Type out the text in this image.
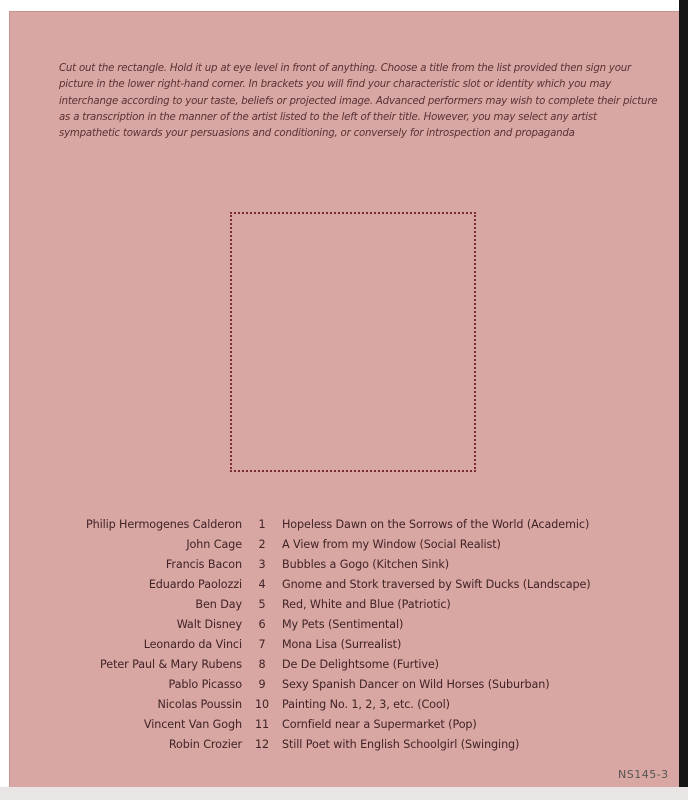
Cut out the rectangle. Hold it up at eye level in front of anything. Choose a title from the list provided then sign your picture in the lower right-hand corner. In brackets you will find your characteristic slot or identity which you may interchange according to your taste, beliefs or projected image. Advanced performers may wish to complete their picture as a transcription in the manner of the artist listed to the left of their title. However, you may select any artist sympathetic towards your persuasions and conditioning, or conversely for introspection and propaganda
Philip Hermogenes Calderon	1	Hopeless Dawn on the Sorrows of the World (Academic)
John Cage	2	A View from my Window (Social Realist)
Francis Bacon	3	Bubbles a Gogo (Kitchen Sink)
Eduardo Paolozzi	4	Gnome and Stork traversed by Swift Ducks (Landscape)
Ben Day	5	Red, White and Blue (Patriotic)
Walt Disney	6	My Pets (Sentimental)
Leonardo da Vinci	7	Mona Lisa (Surrealist)
Peter Paul & Mary Rubens	8	De De Delightsome (Furtive)
Pablo Picasso	9	Sexy Spanish Dancer on Wild Horses (Suburban)
Nicolas Poussin	10	Painting No. 1, 2, 3, etc. (Cool)
Vincent Van Gogh	11	Cornfield near a Supermarket (Pop)
Robin Crozier	12	Still Poet with English Schoolgirl (Swinging)
NS145-3
